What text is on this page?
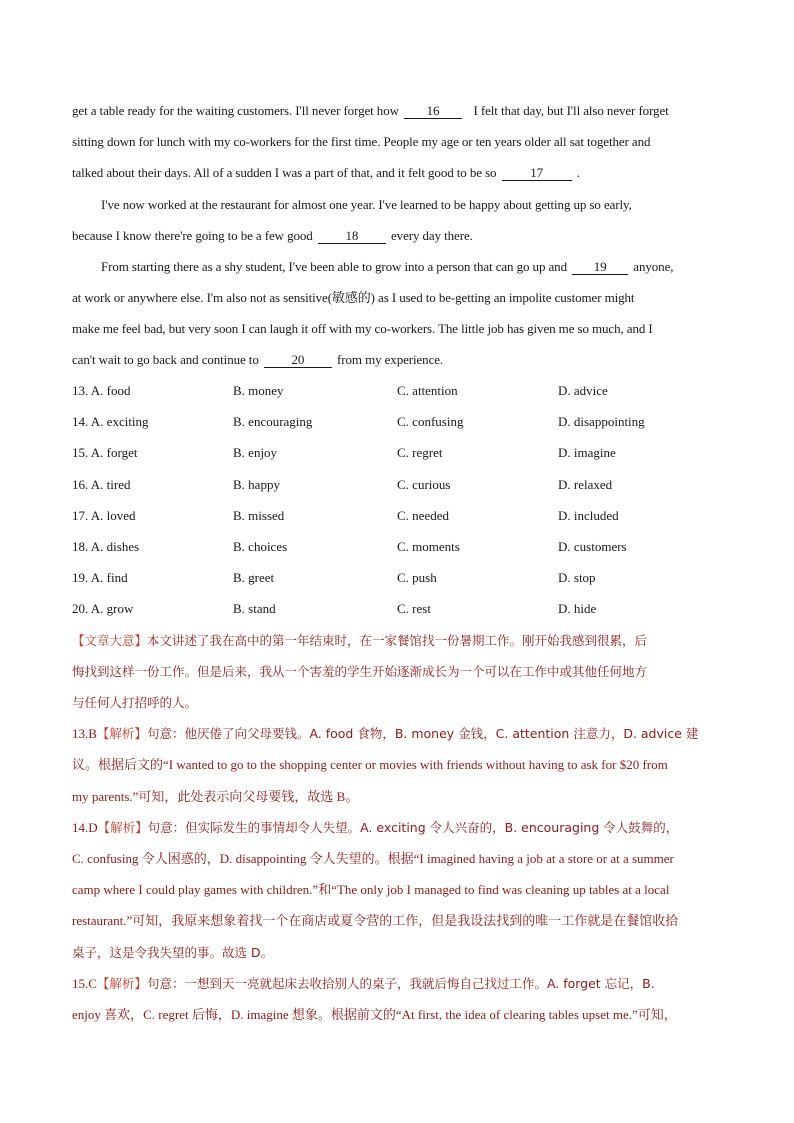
get a table ready for the waiting customers. I'll never forget how 16	I felt that day, but I'll also never forget
sitting down for lunch with my co-workers for the first time. People my age or ten years older all sat together and
talked about their days. All of a sudden I was a part of that, and it felt good to be so	17	.
I've now worked at the restaurant for almost one year. I've learned to be happy about getting up so early,
because I know there're going to be a few good	18	every day there.
From starting there as a shy student, I've been able to grow into a person that can go up and 19 anyone,
at work or anywhere else. I'm also not as sensitive(敏感的) as I used to be-getting an impolite customer might
make me feel bad, but very soon I can laugh it off with my co-workers. The little job has given me so much, and I
can't wait to go back and continue to	20	from my experience.
13. A. food	B. money	C. attention	D. advice
14. A. exciting	B. encouraging	C. confusing	D. disappointing
15. A. forget	B. enjoy	C. regret	D. imagine
16. A. tired	B. happy	C. curious	D. relaxed
17. A. loved	B. missed	C. needed	D. included
18. A. dishes	B. choices	C. moments	D. customers
19. A. find	B. greet	C. push	D. stop
20. A. grow	B. stand	C. rest	D. hide
【文章大意】本文讲述了我在高中的第一年结束时，在一家餐馆找一份暑期工作。刚开始我感到很累，后
悔找到这样一份工作。但是后来，我从一个害羞的学生开始逐渐成长为一个可以在工作中或其他任何地方
与任何人打招呼的人。
13.B【解析】句意：他厌倦了向父母要钱。A. food 食物，B. money 金钱，C. attention 注意力，D. advice 建
议。根据后文的“I wanted to go to the shopping center or movies with friends without having to ask for $20 from
my parents.”可知，此处表示向父母要钱，故选 B。
14.D【解析】句意：但实际发生的事情却令人失望。A. exciting 令人兴奋的，B. encouraging 令人鼓舞的，
C. confusing 令人困惑的，D. disappointing 令人失望的。根据“I imagined having a job at a store or at a summer
camp where I could play games with children.”和“The only job I managed to find was cleaning up tables at a local
restaurant.”可知，我原来想象着找一个在商店或夏令营的工作，但是我设法找到的唯一工作就是在餐馆收拾
桌子，这是令我失望的事。故选 D。
15.C【解析】句意：一想到天一亮就起床去收拾别人的桌子，我就后悔自己找过工作。A. forget 忘记，B.
enjoy 喜欢，C. regret 后悔，D. imagine 想象。根据前文的“At first, the idea of clearing tables upset me.”可知，
